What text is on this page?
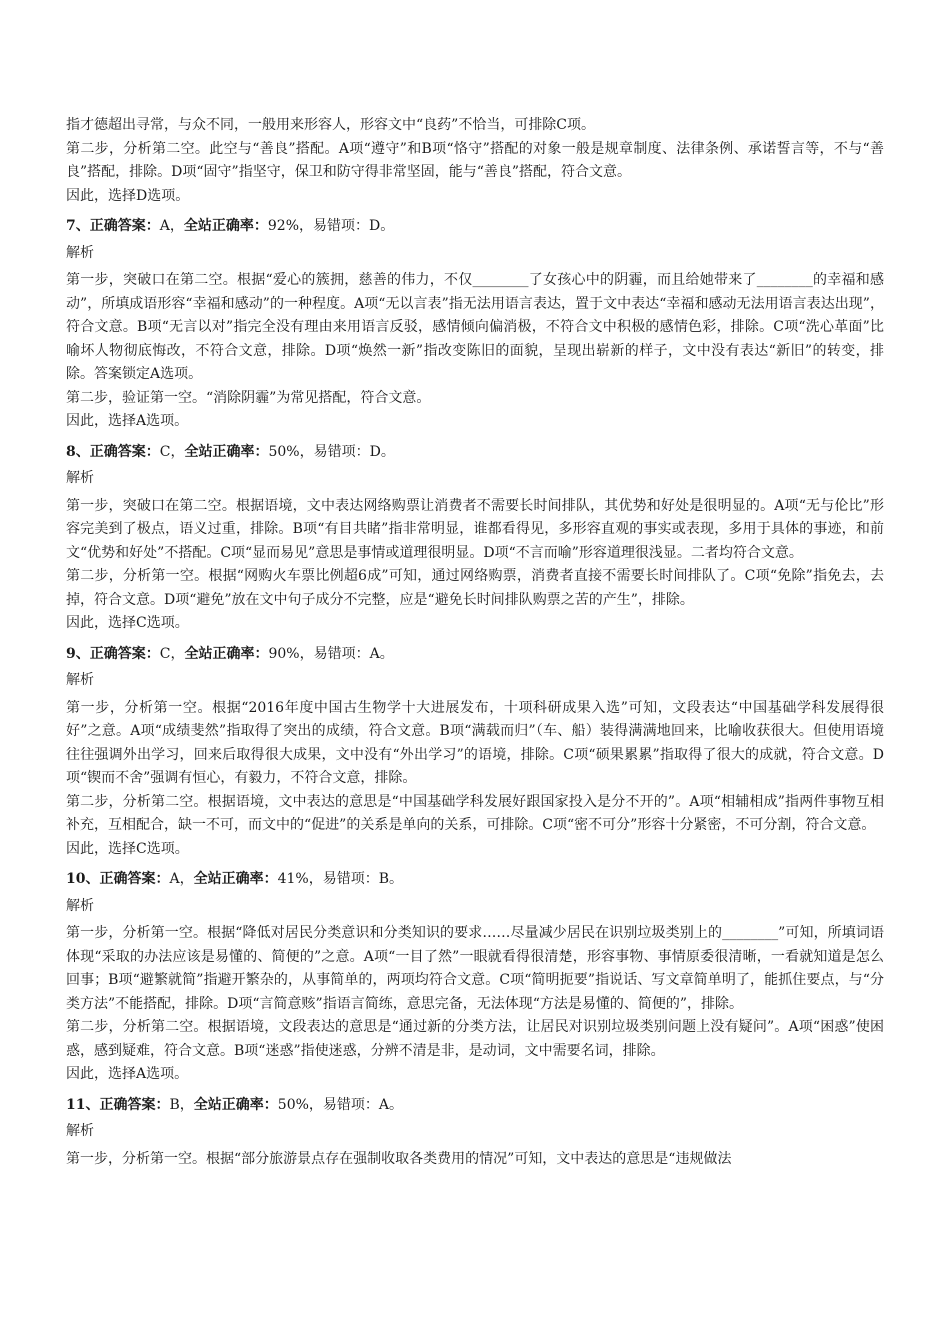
指才德超出寻常，与众不同，一般用来形容人，形容文中“良药”不恰当，可排除C项。

第二步，分析第二空。此空与“善良”搭配。A项“遵守”和B项“恪守”搭配的对象一般是规章制度、法律条例、承诺誓言等，不与“善良”搭配，排除。D项“固守”指坚守，保卫和防守得非常坚固，能与“善良”搭配，符合文意。

因此，选择D选项。

7、正确答案：A，全站正确率：92%，易错项：D。

解析

第一步，突破口在第二空。根据“爱心的簇拥，慈善的伟力，不仅________了女孩心中的阴霾，而且给她带来了________的幸福和感动”，所填成语形容“幸福和感动”的一种程度。A项“无以言表”指无法用语言表达，置于文中表达“幸福和感动无法用语言表达出现”，符合文意。B项“无言以对”指完全没有理由来用语言反驳，感情倾向偏消极，不符合文中积极的感情色彩，排除。C项“洗心革面”比喻坏人物彻底悔改，不符合文意，排除。D项“焕然一新”指改变陈旧的面貌，呈现出崭新的样子，文中没有表达“新旧”的转变，排除。答案锁定A选项。

第二步，验证第一空。“消除阴霾”为常见搭配，符合文意。

因此，选择A选项。

8、正确答案：C，全站正确率：50%，易错项：D。

解析

第一步，突破口在第二空。根据语境，文中表达网络购票让消费者不需要长时间排队，其优势和好处是很明显的。A项“无与伦比”形容完美到了极点，语义过重，排除。B项“有目共睹”指非常明显，谁都看得见，多形容直观的事实或表现，多用于具体的事迹，和前文“优势和好处”不搭配。C项“显而易见”意思是事情或道理很明显。D项“不言而喻”形容道理很浅显。二者均符合文意。

第二步，分析第一空。根据“网购火车票比例超6成”可知，通过网络购票，消费者直接不需要长时间排队了。C项“免除”指免去，去掉，符合文意。D项“避免”放在文中句子成分不完整，应是“避免长时间排队购票之苦的产生”，排除。

因此，选择C选项。

9、正确答案：C，全站正确率：90%，易错项：A。

解析

第一步，分析第一空。根据“2016年度中国古生物学十大进展发布，十项科研成果入选”可知，文段表达“中国基础学科发展得很好”之意。A项“成绩斐然”指取得了突出的成绩，符合文意。B项“满载而归”（车、船）装得满满地回来，比喻收获很大。但使用语境往往强调外出学习，回来后取得很大成果，文中没有“外出学习”的语境，排除。C项“硕果累累”指取得了很大的成就，符合文意。D项“锲而不舍”强调有恒心，有毅力，不符合文意，排除。

第二步，分析第二空。根据语境，文中表达的意思是“中国基础学科发展好跟国家投入是分不开的”。A项“相辅相成”指两件事物互相补充，互相配合，缺一不可，而文中的“促进”的关系是单向的关系，可排除。C项“密不可分”形容十分紧密，不可分割，符合文意。

因此，选择C选项。

10、正确答案：A，全站正确率：41%，易错项：B。

解析

第一步，分析第一空。根据“降低对居民分类意识和分类知识的要求……尽量减少居民在识别垃圾类别上的________”可知，所填词语体现“采取的办法应该是易懂的、简便的”之意。A项“一目了然”一眼就看得很清楚，形容事物、事情原委很清晰，一看就知道是怎么回事；B项“避繁就简”指避开繁杂的，从事简单的，两项均符合文意。C项“简明扼要”指说话、写文章简单明了，能抓住要点，与“分类方法”不能搭配，排除。D项“言简意赅”指语言简练，意思完备，无法体现“方法是易懂的、简便的”，排除。

第二步，分析第二空。根据语境，文段表达的意思是“通过新的分类方法，让居民对识别垃圾类别问题上没有疑问”。A项“困惑”使困惑，感到疑难，符合文意。B项“迷惑”指使迷惑，分辨不清是非，是动词，文中需要名词，排除。

因此，选择A选项。

11、正确答案：B，全站正确率：50%，易错项：A。

解析

第一步，分析第一空。根据“部分旅游景点存在强制收取各类费用的情况”可知，文中表达的意思是“违规做法
